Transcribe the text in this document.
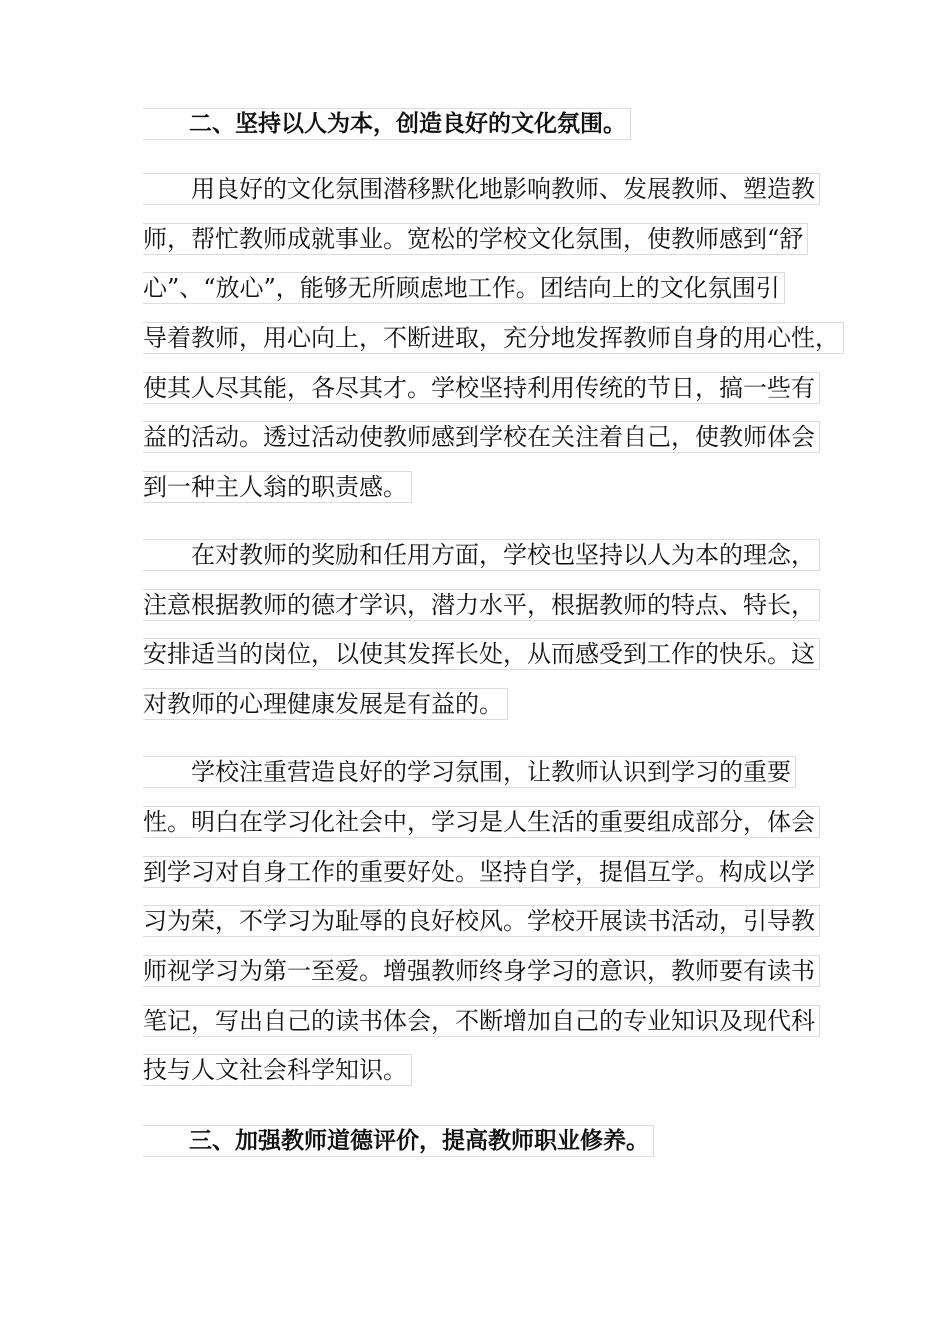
　　二、坚持以人为本，创造良好的文化氛围。
　　用良好的文化氛围潜移默化地影响教师、发展教师、塑造教
师，帮忙教师成就事业。宽松的学校文化氛围，使教师感到“舒
心”、“放心”，能够无所顾虑地工作。团结向上的文化氛围引
导着教师，用心向上，不断进取，充分地发挥教师自身的用心性，
使其人尽其能，各尽其才。学校坚持利用传统的节日，搞一些有
益的活动。透过活动使教师感到学校在关注着自己，使教师体会
到一种主人翁的职责感。
　　在对教师的奖励和任用方面，学校也坚持以人为本的理念，
注意根据教师的德才学识，潜力水平，根据教师的特点、特长，
安排适当的岗位，以使其发挥长处，从而感受到工作的快乐。这
对教师的心理健康发展是有益的。
　　学校注重营造良好的学习氛围，让教师认识到学习的重要
性。明白在学习化社会中，学习是人生活的重要组成部分，体会
到学习对自身工作的重要好处。坚持自学，提倡互学。构成以学
习为荣，不学习为耻辱的良好校风。学校开展读书活动，引导教
师视学习为第一至爱。增强教师终身学习的意识，教师要有读书
笔记，写出自己的读书体会，不断增加自己的专业知识及现代科
技与人文社会科学知识。
　　三、加强教师道德评价，提高教师职业修养。
